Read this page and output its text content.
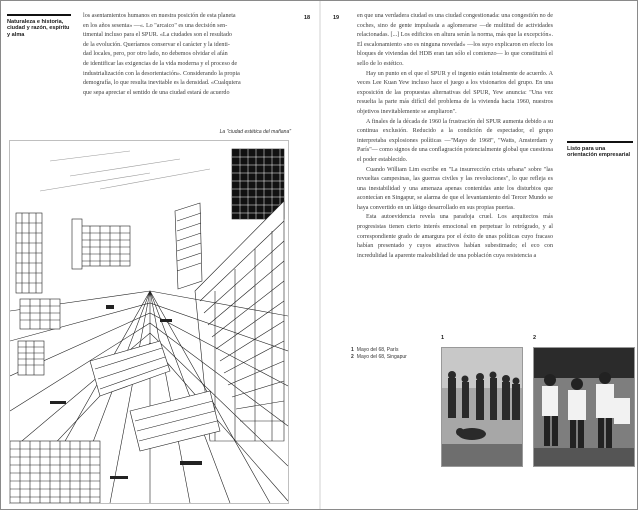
Naturaleza e historia, ciudad y razón, espíritu y alma
18
los asentamientos humanos en nuestra posición de esta planeta
en los años sesenta» —«. Lo "arcaico" es una decisión sen-
timental incluso para el SPUR. «La ciudades son el resultado
de la evolución. Queríamos conservar el carácter y la identi-
dad locales, pero, por otro lado, no debemos olvidar el afán
de identificar las exigencias de la vida moderna y el proceso de
industrialización con la desorientación». Considerando la propia
demografía, lo que resulta inevitable es la densidad. «Cualquiera
que sepa apreciar el sentido de una ciudad estará de acuerdo
La "ciudad estética del mañana"
19	en que una verdadera ciudad es una ciudad congestionada: una congestión no de coches, sino de gente impulsada a aglomerarse —de multitud de actividades relacionadas. [...] Los edificios en altura serán la norma, más que la excepción». El escalonamiento «no es ninguna novedad» —los suyo explicaron en efecto los bloques de viviendas del HDB eran tan sólo el comienzo— lo que constituirá el sello de lo estético.

Hay un punto en el que el SPUR y el ingenio están totalmente de acuerdo. A veces Lee Kuan Yew incluso hace el juego a los visionarios del grupo. En una exposición de las propuestas alternativas del SPUR, Yew anuncia: "Una vez resuelta la parte más difícil del problema de la vivienda hacia 1960, nuestros objetivos inevitablemente se ampliaron".

A finales de la década de 1960 la frustración del SPUR aumenta debido a su continua exclusión. Reducido a la condición de espectador, el grupo interpretaba explosiones políticas —"Mayo de 1968", "Watts, Amsterdam y París"— como signos de una conflagración potencialmente global que cuestiona el poder establecido.

Cuando William Lim escribe en "La insurrección crisis urbana" sobre "las revueltas campesinas, las guerras civiles y las revoluciones", lo que refleja es una inestabilidad y una amenaza apenas contenidas ante los disturbios que acontecían en Singapur, se alarma de que el levantamiento del Tercer Mundo se haya convertido en un látigo desarrollado en sus propias puertas.

Esta autoevidencia revela una paradoja cruel. Los arquitectos más progresistas tienen cierto interés emocional en perpetuar lo retrógrado, y al correspondiente grado de amargura por el éxito de unas políticas cuyo fracaso habían presentado y cuyos atractivos habían subestimado; el eco con incredulidad la aparente maleabilidad de una población cuya resistencia a

Listo para una orientación empresarial
1 Mayo del 68, París
2 Mayo del 68, Singapur
1	2
